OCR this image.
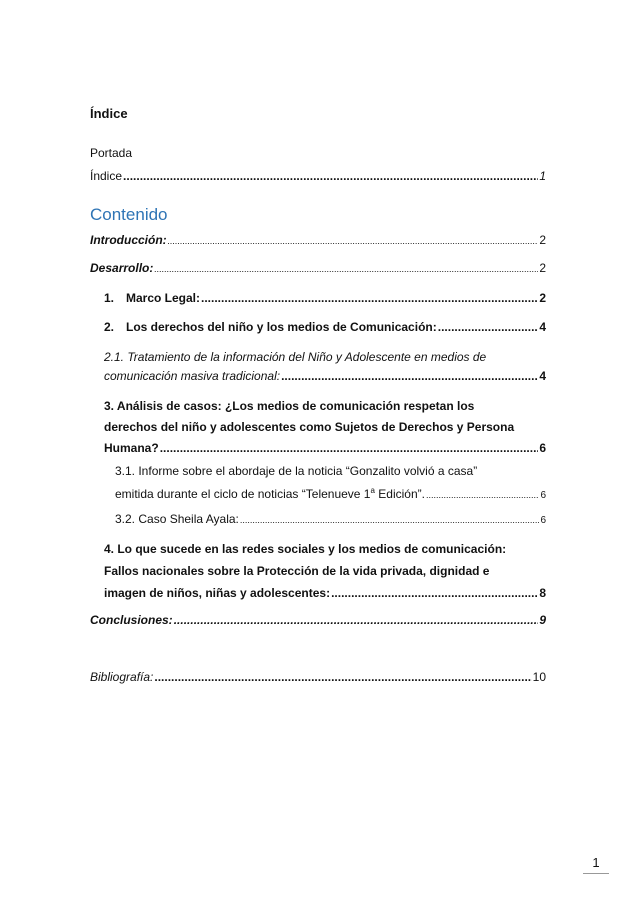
Índice
Portada
Índice .....	1
Contenido
Introducción: .....	2
Desarrollo: .....	2
1. Marco Legal: .....	2
2. Los derechos del niño y los medios de Comunicación: .....	4
2.1. Tratamiento de la información del Niño y Adolescente en medios de
comunicación masiva tradicional: .....	4
3. Análisis de casos: ¿Los medios de comunicación respetan los
derechos del niño y adolescentes como Sujetos de Derechos y Persona
Humana? .....	6
3.1. Informe sobre el abordaje de la noticia “Gonzalito volvió a casa”
emitida durante el ciclo de noticias “Telenueve 1$^a$ Edición”. .....	6
3.2. Caso Sheila Ayala: .....	6
4. Lo que sucede en las redes sociales y los medios de comunicación:
Fallos nacionales sobre la Protección de la vida privada, dignidad e
imagen de niños, niñas y adolescentes: .....	8
Conclusiones: .....	9
Bibliografía: .....	10
1
